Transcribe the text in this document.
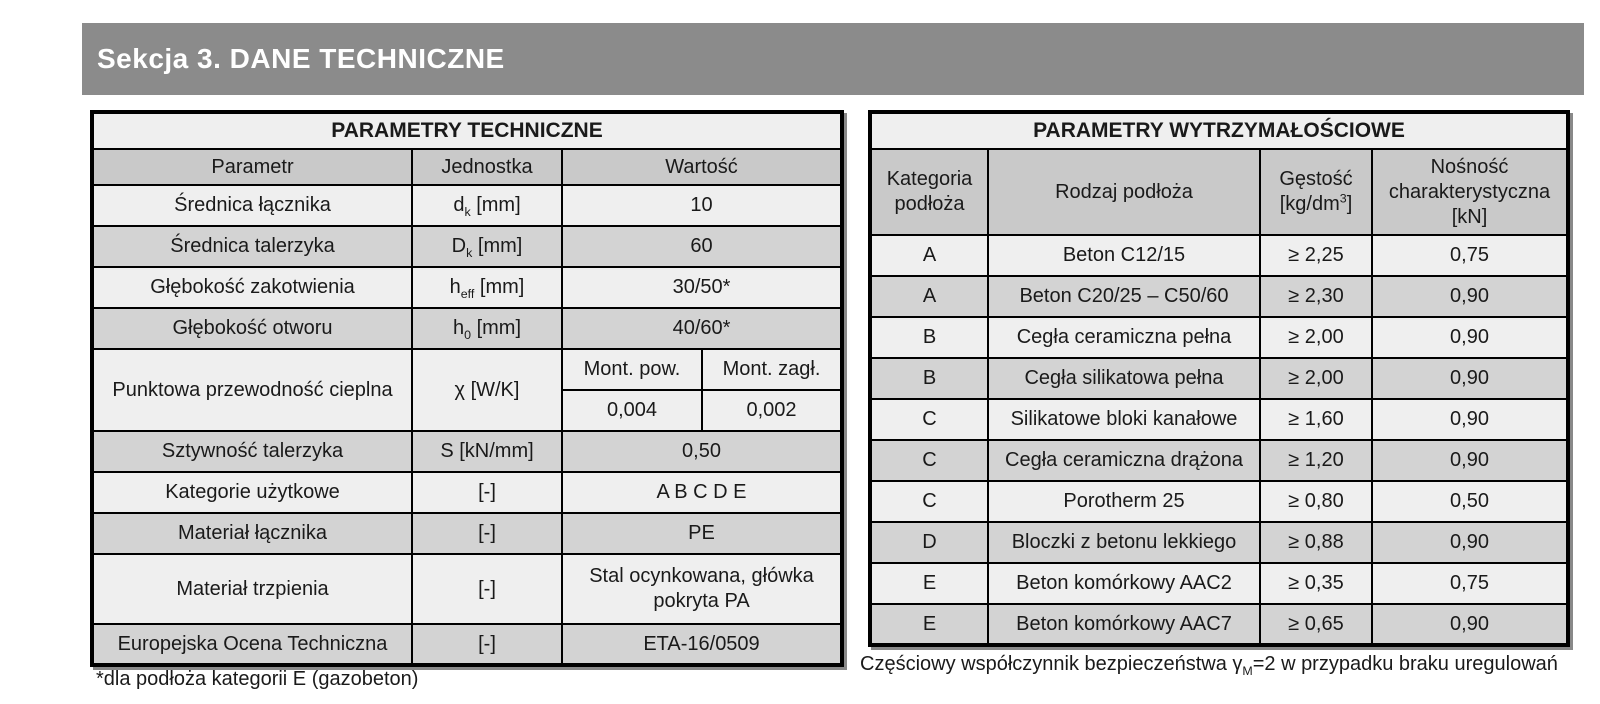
Sekcja 3. DANE TECHNICZNE
PARAMETRY TECHNICZNE			
Parametr	Jednostka	Wartość	
Średnica łącznika	$d_k$ [mm]	10	
Średnica talerzyka	$D_k$ [mm]	60	
Głębokość zakotwienia	$h_{eff}$ [mm]	30/50*	
Głębokość otworu	$h_0$ [mm]	40/60*	
Punktowa przewodność cieplna	χ [W/K]	Mont. pow.	Mont. zagł.
		0,004	0,002
Sztywność talerzyka	S [kN/mm]	0,50	
Kategorie użytkowe	[-]	A B C D E	
Materiał łącznika	[-]	PE	
Materiał trzpienia	[-]	Stal ocynkowana, główka pokryta PA	
Europejska Ocena Techniczna	[-]	ETA-16/0509	
*dla podłoża kategorii E (gazobeton)
PARAMETRY WYTRZYMAŁOŚCIOWE			
Kategoria podłoża	Rodzaj podłoża	Gęstość $[kg/dm^3]$	Nośność charakterystyczna [kN]
A	Beton C12/15	≥ 2,25	0,75
A	Beton C20/25 – C50/60	≥ 2,30	0,90
B	Cegła ceramiczna pełna	≥ 2,00	0,90
B	Cegła silikatowa pełna	≥ 2,00	0,90
C	Silikatowe bloki kanałowe	≥ 1,60	0,90
C	Cegła ceramiczna drążona	≥ 1,20	0,90
C	Porotherm 25	≥ 0,80	0,50
D	Bloczki z betonu lekkiego	≥ 0,88	0,90
E	Beton komórkowy AAC2	≥ 0,35	0,75
E	Beton komórkowy AAC7	≥ 0,65	0,90
Częściowy współczynnik bezpieczeństwa $\gamma_M=2$ w przypadku braku uregulowań
